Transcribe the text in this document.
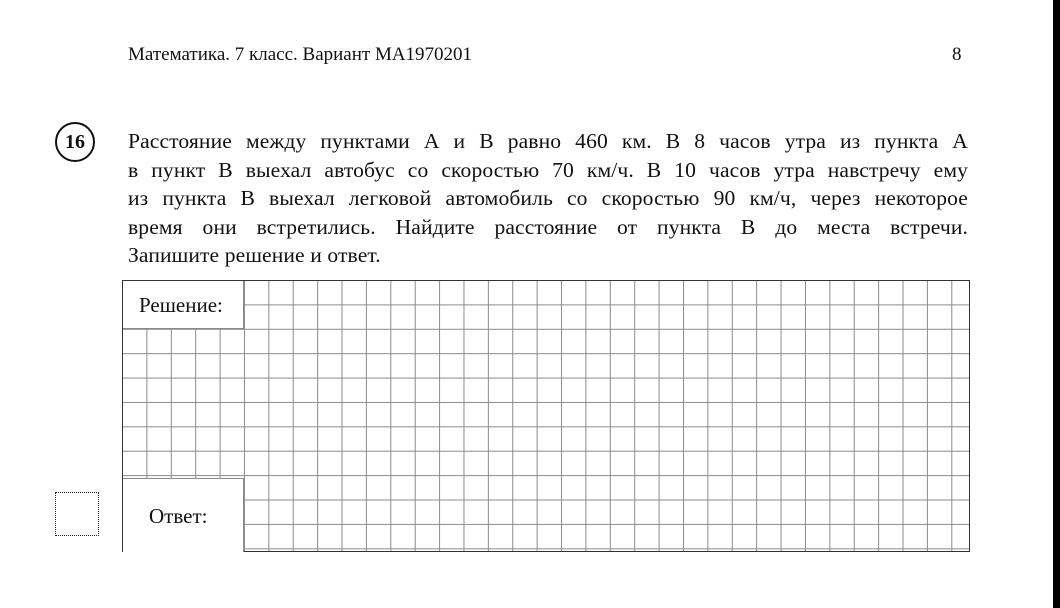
Математика. 7 класс. Вариант МА1970201	8
16 Расстояние между пунктами А и В равно 460 км. В 8 часов утра из пункта А
в пункт В выехал автобус со скоростью 70 км/ч. В 10 часов утра навстречу ему
из пункта В выехал легковой автомобиль со скоростью 90 км/ч, через некоторое
время они встретились. Найдите расстояние от пункта В до места встречи.
Запишите решение и ответ.

Решение:
Ответ:
